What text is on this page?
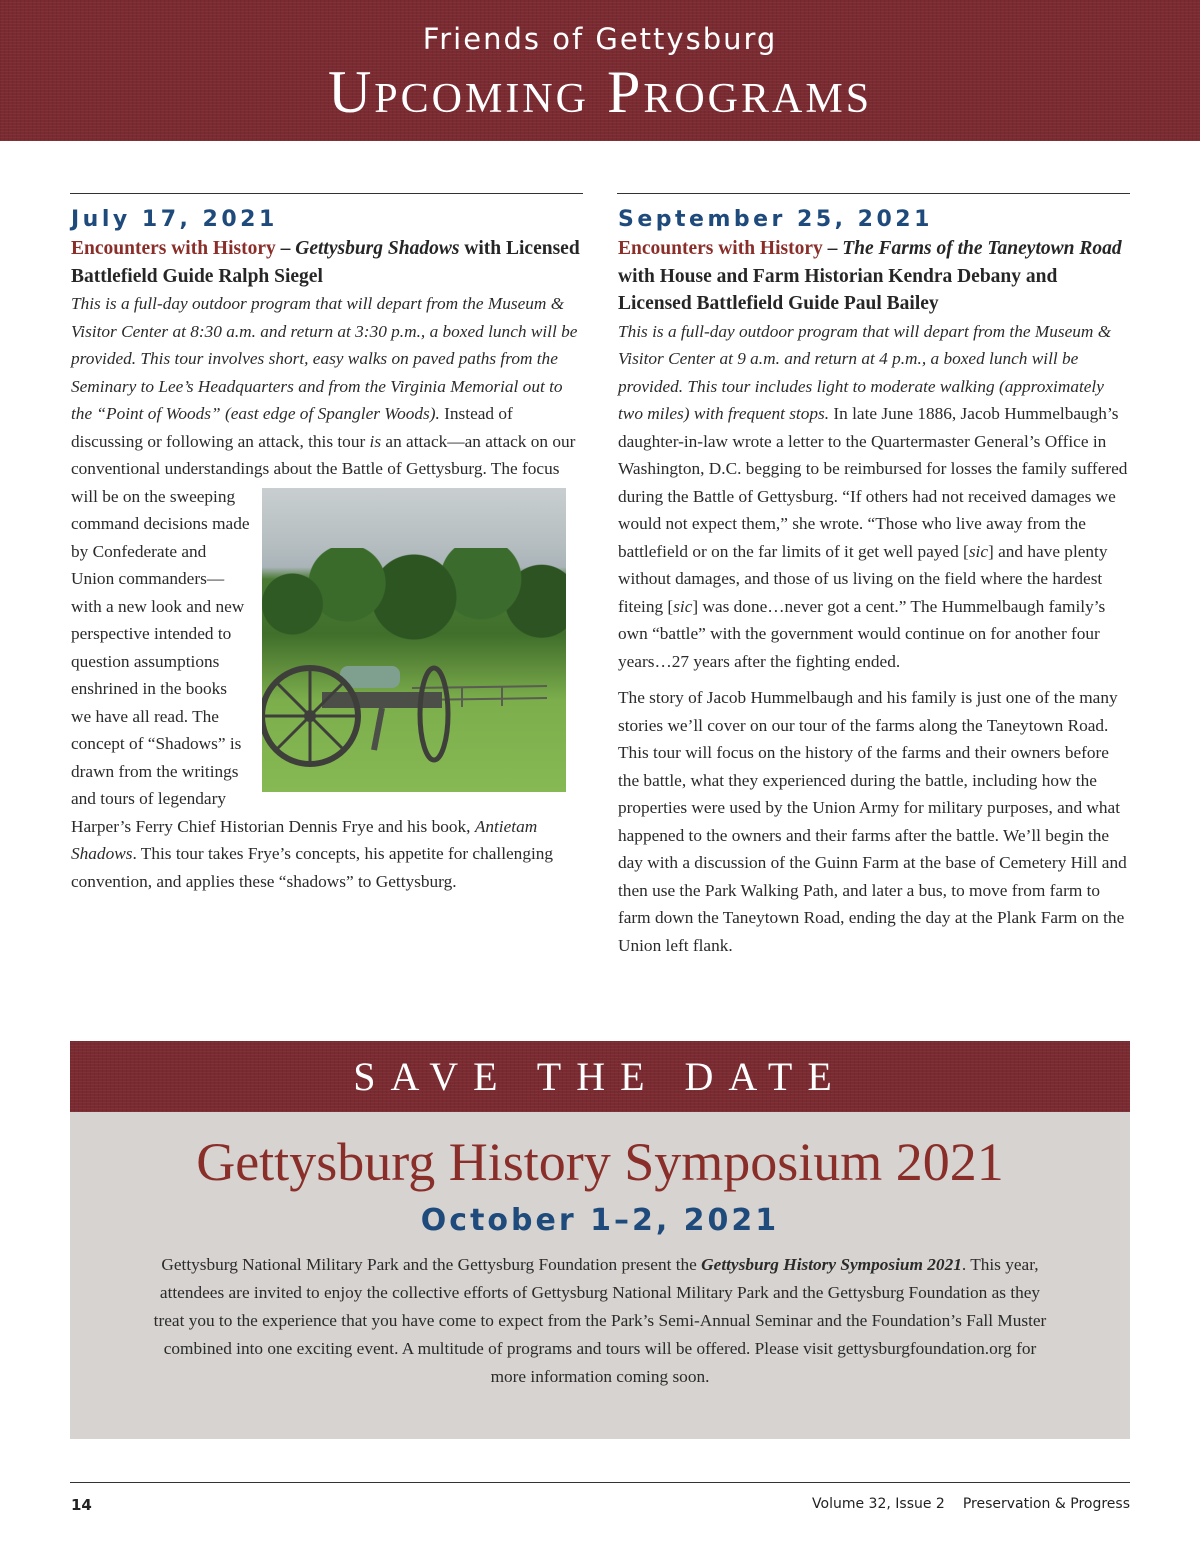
Friends of Gettysburg
Upcoming Programs
July 17, 2021
Encounters with History – Gettysburg Shadows with Licensed Battlefield Guide Ralph Siegel
This is a full-day outdoor program that will depart from the Museum & Visitor Center at 8:30 a.m. and return at 3:30 p.m., a boxed lunch will be provided. This tour involves short, easy walks on paved paths from the Seminary to Lee’s Headquarters and from the Virginia Memorial out to the “Point of Woods” (east edge of Spangler Woods). Instead of discussing or following an attack, this tour is an attack—an attack on our conventional understandings
about the Battle of Gettysburg. The focus will be on the sweeping command decisions made by Confederate and Union commanders—with a new look and new perspective intended to question assumptions enshrined in the books we have all read. The concept of “Shadows” is drawn from the writings and tours of legendary Harper’s Ferry Chief Historian Dennis Frye and his book, Antietam Shadows. This tour takes Frye’s concepts, his appetite for challenging convention, and applies these “shadows” to Gettysburg.
September 25, 2021
Encounters with History – The Farms of the Taneytown Road with House and Farm Historian Kendra Debany and Licensed Battlefield Guide Paul Bailey
This is a full-day outdoor program that will depart from the Museum & Visitor Center at 9 a.m. and return at 4 p.m., a boxed lunch will be provided. This tour includes light to moderate walking (approximately two miles) with frequent stops. In late June 1886, Jacob Hummelbaugh’s daughter-in-law wrote a letter to the Quartermaster General’s Office in Washington, D.C. begging to be reimbursed for losses the family suffered during the Battle of Gettysburg. “If others had not received damages we would not expect them,” she wrote. “Those who live away from the battlefield or on the far limits of it get well payed [sic] and have plenty without damages, and those of us living on the field where the hardest fiteing [sic] was done…never got a cent.” The Hummelbaugh family’s own “battle” with the government would continue on for another four years…27 years after the fighting ended.
The story of Jacob Hummelbaugh and his family is just one of the many stories we’ll cover on our tour of the farms along the Taneytown Road. This tour will focus on the history of the farms and their owners before the battle, what they experienced during the battle, including how the properties were used by the Union Army for military purposes, and what happened to the owners and their farms after the battle. We’ll begin the day with a discussion of the Guinn Farm at the base of Cemetery Hill and then use the Park Walking Path, and later a bus, to move from farm to farm down the Taneytown Road, ending the day at the Plank Farm on the Union left flank.
SAVE THE DATE
Gettysburg History Symposium 2021
October 1–2, 2021
Gettysburg National Military Park and the Gettysburg Foundation present the Gettysburg History Symposium 2021. This year, attendees are invited to enjoy the collective efforts of Gettysburg National Military Park and the Gettysburg Foundation as they treat you to the experience that you have come to expect from the Park’s Semi-Annual Seminar and the Foundation’s Fall Muster combined into one exciting event. A multitude of programs and tours will be offered. Please visit gettysburgfoundation.org for more information coming soon.
14	Volume 32, Issue 2 Preservation & Progress
